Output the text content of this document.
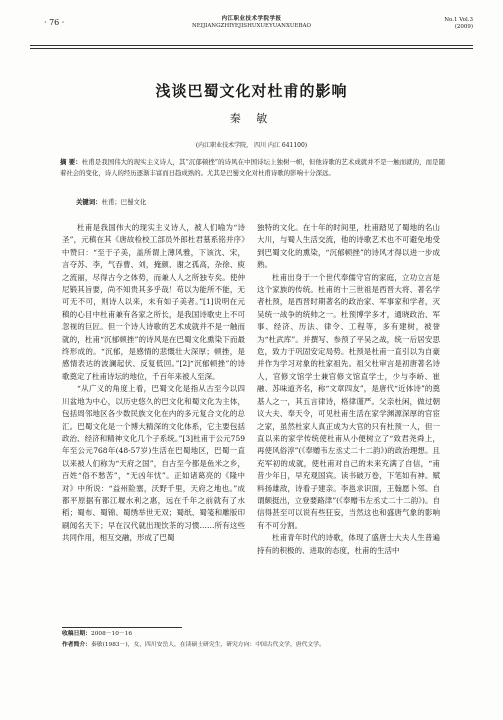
· 76 ·	内江职业技术学院学报
NEIJIANGZHIYEJISHUXUEYUANXUEBAO
No.1 Vol.3
(2009)
浅谈巴蜀文化对杜甫的影响
秦 敏
(内江职业技术学院， 四川 内江 641100)
摘 要：杜甫是我国伟大的现实主义诗人，其“沉郁顿挫”的诗风在中国诗坛上独树一帜，但他诗歌的艺术成就并不是一触而就的，而是随着社会的变化，诗人的经历逐渐丰富而日趋成熟的。尤其是巴蜀文化对杜甫诗歌的影响十分深远。
关键词：杜甫；巴蜀文化

杜甫是我国伟大的现实主义诗人，被人们喻为“诗圣”，元稹在其《唐故检校工部员外郎杜君墓系铭并序》中赞曰：“至于子美，盖所谓上薄风雅，下该沈、宋，言夺苏、李，气吞曹、刘，掩颜、谢之孤高，杂徐、庾之流丽，尽得古今之体势，而兼人人之所独专矣。使仲尼锻其旨要，尚不知贵其多乎哉！苟以为能所不能，无可无不可，则诗人以来，未有如子美者。”[1]说明在元稹的心目中杜甫兼有各家之所长，是我国诗歌史上不可忽视的巨匠。但一个诗人诗歌的艺术成就并不是一触而就的，杜甫“沉郁顿挫”的诗风是在巴蜀文化熏染下而最终形成的。“沉郁，是感情的悲慨壮大深厚；顿挫，是感情表达的波澜起伏、反复低回。”[2]“沉郁顿挫”的诗歌奠定了杜甫诗坛的地位，千百年来被人至深。

“从广义的角度上看，巴蜀文化是指从古至今以四川盆地为中心，以历史悠久的巴文化和蜀文化为主体，包括周邻地区各少数民族文化在内的多元复合文化的总汇。巴蜀文化是一个博大精深的文化体系，它主要包括政治、经济和精神文化几个子系统。”[3]杜甫于公元759年至公元768年(48-57岁)生活在巴蜀地区，巴蜀一直以来被人们称为“天府之国”，自古至今都是鱼米之乡，百姓“俗不愁苦”，“无凶年忧”。正如诸葛亮的《隆中对》中所说：“益州险塞，沃野千里，天府之地也。”成都平原据有都江堰水利之惠，远在千年之前就有了水稻；蜀布、蜀锦、蜀绣举世无双；蜀纸、蜀笺和雕版印刷闻名天下；早在汉代就出现饮茶的习惯……所有这些共同作用，相互交融，形成了巴蜀

独特的文化。在十年的时间里，杜甫踏见了蜀地的名山大川，与蜀人生活交流，他的诗歌艺术也不可避免地受到巴蜀文化的熏染，“沉郁顿挫”的诗风才得以进一步成熟。

杜甫出身于一个世代奉儒守官的家庭，立功立言是这个家族的传统。杜甫的十三世祖是西晋大将、著名学者杜预，是西晋时期著名的政治家、军事家和学者，灭吴统一战争的统帅之一。杜预博学多才，通晓政治、军事、经济、历法、律令、工程等，多有建树，被誉为“杜武库”。并撰写、参预了平吴之战，统一后居安思危，致力于巩固安定局势。杜预是杜甫一直引以为自豪并作为学习对象的杜家祖先。祖父杜审言是初唐著名诗人，官修文馆学士兼官修文馆直学士，少与李峤、崔融、苏味道齐名，称“文章四友”，是唐代“近体诗”的奠基人之一，其五言律诗，格律谨严。父亲杜闲，做过朝议大夫、奉天令，可见杜甫生活在家学渊源深厚的官宦之家，虽然杜家人真正成为大官的只有杜预一人，但一直以来的家学传统使杜甫从小便树立了“致君尧舜上，再使风俗淳”(《奉赠韦左丞丈二十二韵》)的政治理想。且充军初的成就，使杜甫对自己的未来充满了自信，“甫昔少年日，早充观国宾。读书破万卷，下笔如有神。赋料扬雄敌，诗看子建亲。李邕求识面，王翰愿卜邻。自谓颇挺出，立登要路津”(《奉赠韦左丞丈二十二韵》)。自信得甚至可以说有些狂妄，当然这也和盛唐气象的影响有不可分割。

杜甫青年时代的诗歌，体现了盛唐士大夫人生普遍持有的积极的、进取的态度，杜甫的生活中

收稿日期：2008－10－16
作者简介：秦敏(1983－)，女，四川安岳人，在读硕士研究生，研究方向：中国古代文学，唐代文学。
